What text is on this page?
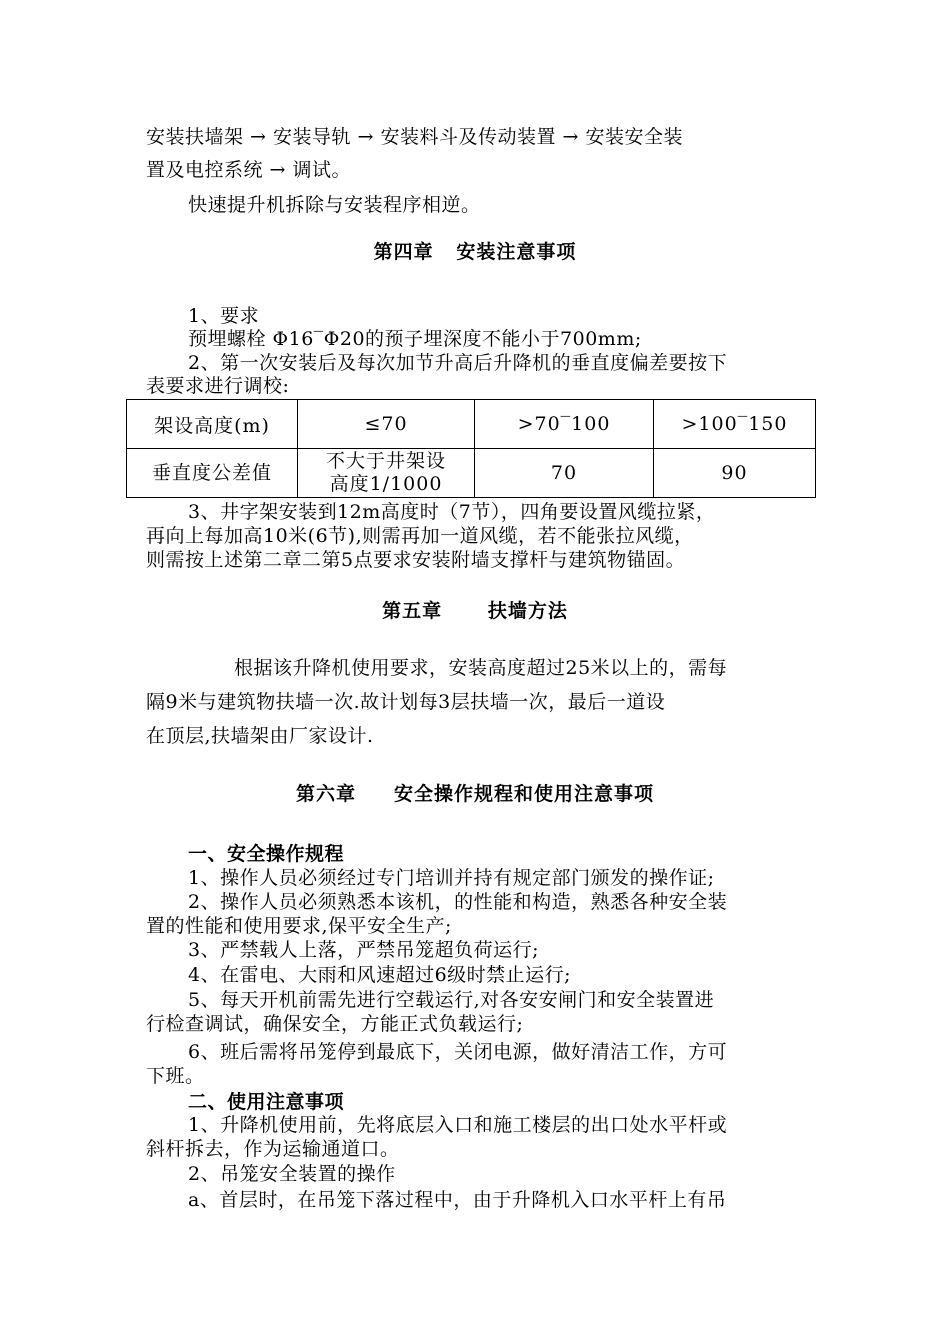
安装扶墙架 → 安装导轨 → 安装料斗及传动装置 → 安装安全装
置及电控系统 → 调试。
快速提升机拆除与安装程序相逆。
第四章   安装注意事项
1、要求
预埋螺栓 Φ16‾Φ20的预子埋深度不能小于700mm;
2、第一次安装后及每次加节升高后升降机的垂直度偏差要按下
表要求进行调校:
架设高度(m)	≤70	>70‾100	>100‾150
垂直度公差值	不大于井架设
高度1/1000	70	90
3、井字架安装到12m高度时（7节），四角要设置风缆拉紧，
再向上每加高10米(6节),则需再加一道风缆，若不能张拉风缆，
则需按上述第二章二第5点要求安装附墙支撑杆与建筑物锚固。
第五章      扶墙方法
根据该升降机使用要求，安装高度超过25米以上的，需每
隔9米与建筑物扶墙一次.故计划每3层扶墙一次，最后一道设
在顶层,扶墙架由厂家设计.
第六章     安全操作规程和使用注意事项
一、安全操作规程
1、操作人员必须经过专门培训并持有规定部门颁发的操作证;
2、操作人员必须熟悉本该机，的性能和构造，熟悉各种安全装
置的性能和使用要求,保平安全生产;
3、严禁载人上落，严禁吊笼超负荷运行;
4、在雷电、大雨和风速超过6级时禁止运行;
5、每天开机前需先进行空载运行,对各安安闸门和安全装置进
行检查调试，确保安全，方能正式负载运行;
6、班后需将吊笼停到最底下，关闭电源，做好清洁工作，方可
下班。
二、使用注意事项
1、升降机使用前，先将底层入口和施工楼层的出口处水平杆或
斜杆拆去，作为运输通道口。
2、吊笼安全装置的操作
a、首层时，在吊笼下落过程中，由于升降机入口水平杆上有吊
